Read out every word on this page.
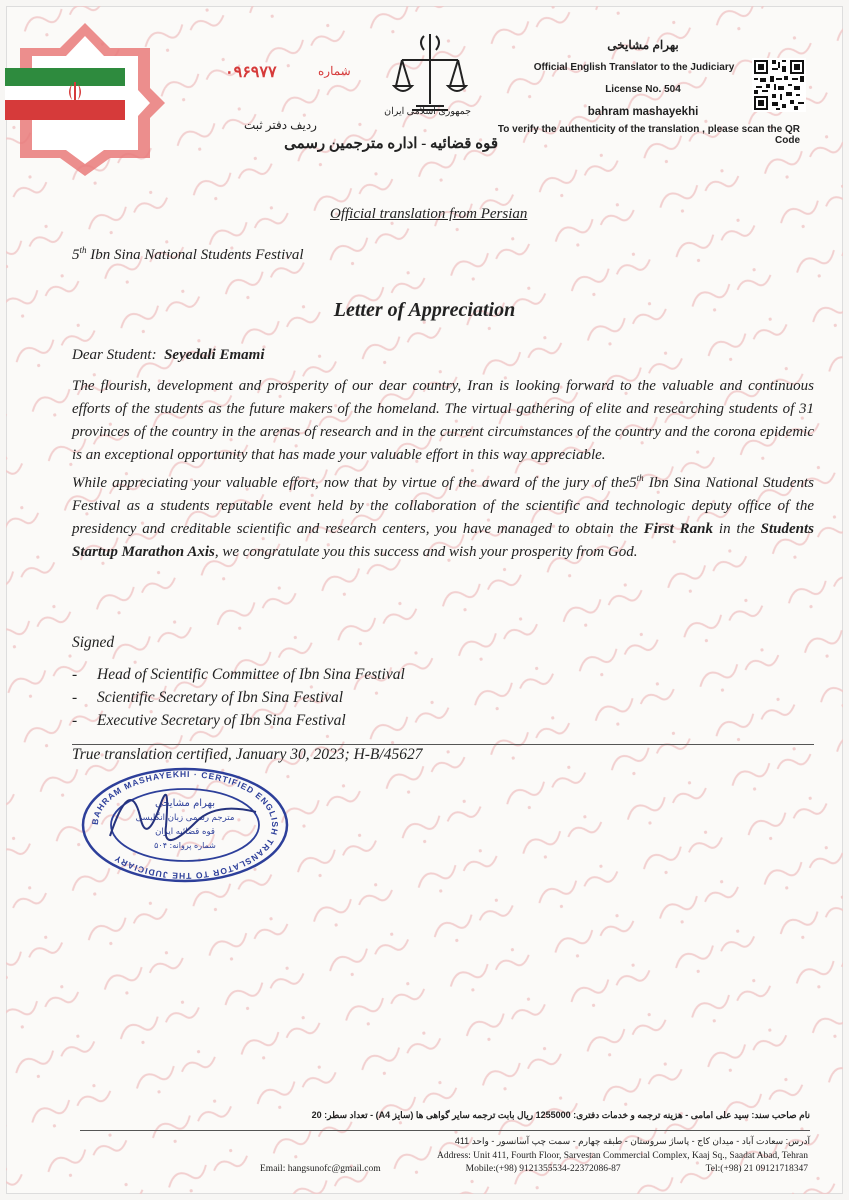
۰۹۶۹۷۷	شماره
ردیف دفتر ثبت
جمهوری اسلامی ایران
قوه قضائیه - اداره مترجمین رسمی
بهرام مشایخی
Official English Translator to the Judiciary
License No. 504
bahram mashayekhi
To verify the authenticity of the translation , please scan the QR Code
Official translation from Persian
5th Ibn Sina National Students Festival
Letter of Appreciation
Dear Student: Seyedali Emami

The flourish, development and prosperity of our dear country, Iran is looking forward to the valuable and continuous efforts of the students as the future makers of the homeland. The virtual gathering of elite and researching students of 31 provinces of the country in the arenas of research and in the current circumstances of the country and the corona epidemic is an exceptional opportunity that has made your valuable effort in this way appreciable.

While appreciating your valuable effort, now that by virtue of the award of the jury of the5th Ibn Sina National Students Festival as a students reputable event held by the collaboration of the scientific and technologic deputy office of the presidency and creditable scientific and research centers, you have managed to obtain the First Rank in the Students Startup Marathon Axis, we congratulate you this success and wish your prosperity from God.

Signed
- Head of Scientific Committee of Ibn Sina Festival
- Scientific Secretary of Ibn Sina Festival
- Executive Secretary of Ibn Sina Festival
True translation certified, January 30, 2023; H-B/45627
BAHRAM MASHAYEKHI · CERTIFIED ENGLISH TRANSLATOR TO THE JUDICIARY
بهرام مشایخی
مترجم رسمی زبان انگلیسی
قوه قضائیه ایران
شماره پروانه: ۵۰۴
نام صاحب سند: سید علی امامی - هزینه ترجمه و خدمات دفتری: 1255000 ریال بابت ترجمه سایر گواهی ها (سایز A4) - تعداد سطر: 20
آدرس: سعادت آباد - میدان کاج - پاساژ سروستان - طبقه چهارم - سمت چپ آسانسور - واحد 411
Address: Unit 411, Fourth Floor, Sarvestan Commercial Complex, Kaaj Sq., Saadat Abad, Tehran
Email: hangsunofc@gmail.com	Mobile:(+98) 9121355534-22372086-87	Tel:(+98) 21 09121718347
